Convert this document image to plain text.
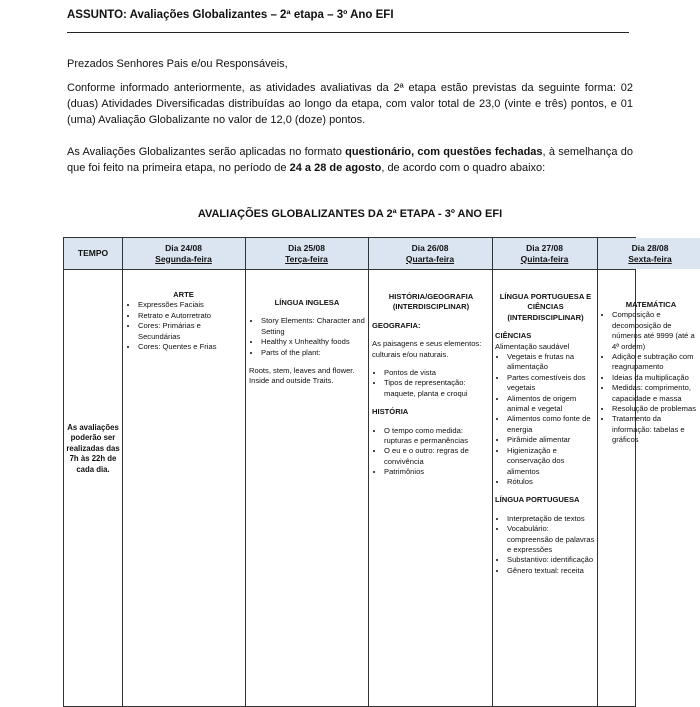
ASSUNTO: Avaliações Globalizantes – 2ª etapa – 3º Ano EFI
Prezados Senhores Pais e/ou Responsáveis,
Conforme informado anteriormente, as atividades avaliativas da 2ª etapa estão previstas da seguinte forma: 02 (duas) Atividades Diversificadas distribuídas ao longo da etapa, com valor total de 23,0 (vinte e três) pontos, e 01 (uma) Avaliação Globalizante no valor de 12,0 (doze) pontos.
As Avaliações Globalizantes serão aplicadas no formato questionário, com questões fechadas, à semelhança do que foi feito na primeira etapa, no período de 24 a 28 de agosto, de acordo com o quadro abaixo:
AVALIAÇÕES GLOBALIZANTES DA 2ª ETAPA - 3º ANO EFI
TEMPO
Dia 24/08
Segunda-feira
Dia 25/08
Terça-feira
Dia 26/08
Quarta-feira
Dia 27/08
Quinta-feira
Dia 28/08
Sexta-feira
As avaliações poderão ser realizadas das 7h às 22h de cada dia.
ARTE
• Expressões Faciais
• Retrato e Autorretrato
• Cores: Primárias e Secundárias
• Cores: Quentes e Frias
LÍNGUA INGLESA
• Story Elements: Character and Setting
• Healthy x Unhealthy foods
• Parts of the plant:
Roots, stem, leaves and flower.
Inside and outside Traits.
HISTÓRIA/GEOGRAFIA (INTERDISCIPLINAR)
GEOGRAFIA:
As paisagens e seus elementos: culturais e/ou naturais.
• Pontos de vista
• Tipos de representação: maquete, planta e croqui
HISTÓRIA
• O tempo como medida: rupturas e permanências
• O eu e o outro: regras de convivência
• Patrimônios
LÍNGUA PORTUGUESA E CIÊNCIAS (INTERDISCIPLINAR)
CIÊNCIAS
Alimentação saudável
• Vegetais e frutas na alimentação
• Partes comestíveis dos vegetais
• Alimentos de origem animal e vegetal
• Alimentos como fonte de energia
• Pirâmide alimentar
• Higienização e conservação dos alimentos
• Rótulos
LÍNGUA PORTUGUESA
• Interpretação de textos
• Vocabulário: compreensão de palavras e expressões
• Substantivo: identificação
• Gênero textual: receita
MATEMÁTICA
• Composição e decomposição de números até 9999 (até a 4ª ordem)
• Adição e subtração com reagrupamento
• Ideias da multiplicação
• Medidas: comprimento, capacidade e massa
• Resolução de problemas
• Tratamento da informação: tabelas e gráficos
